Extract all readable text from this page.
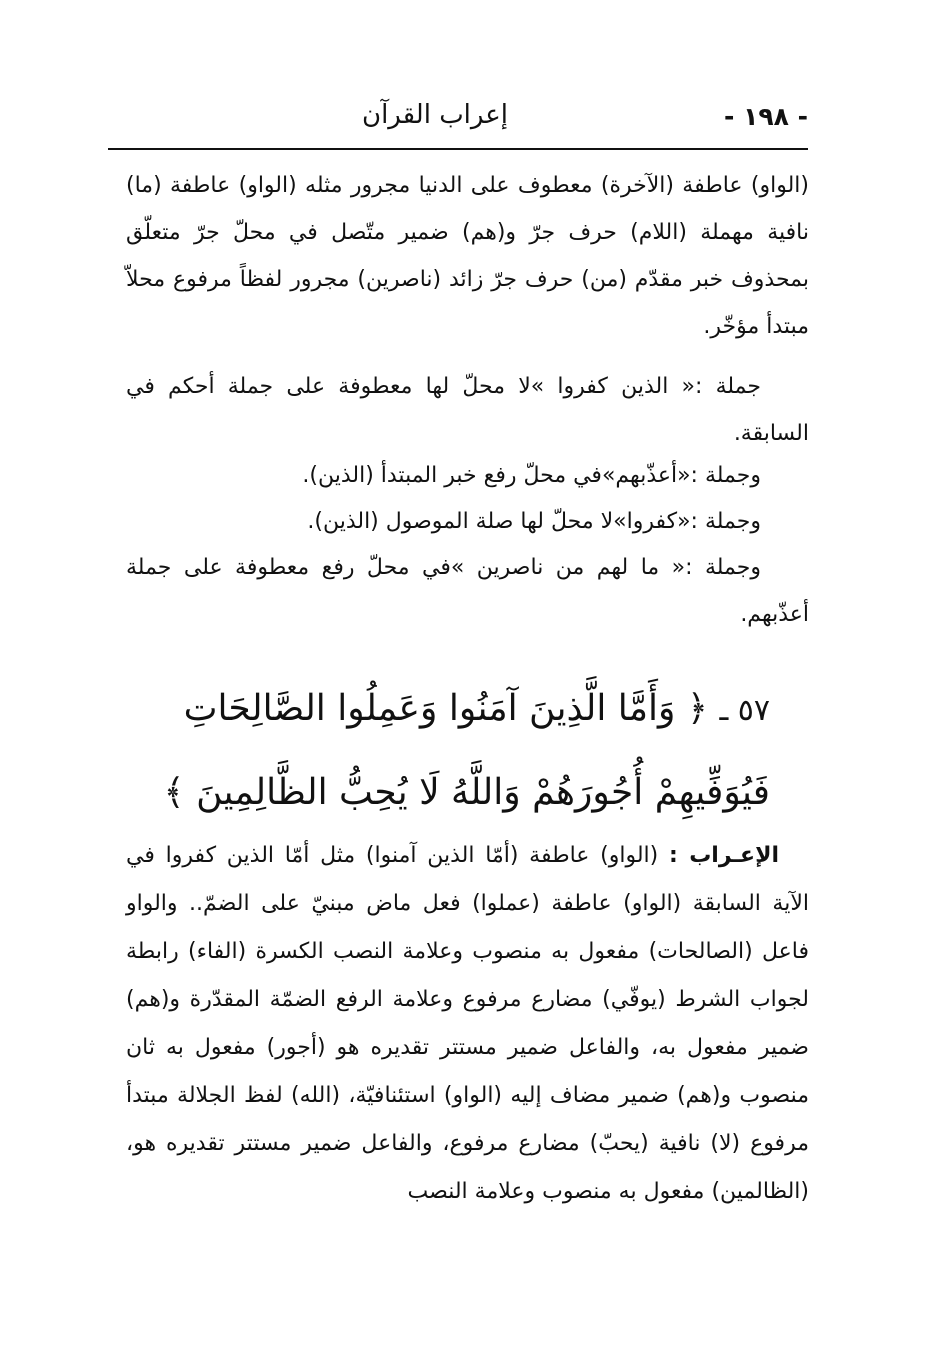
- ١٩٨ -
إعراب القرآن

(الواو) عاطفة (الآخرة) معطوف على الدنيا مجرور مثله (الواو) عاطفة (ما) نافية مهملة (اللام) حرف جرّ و(هم) ضمير متّصل في محلّ جرّ متعلّق بمحذوف خبر مقدّم (من) حرف جرّ زائد (ناصرين) مجرور لفظاً مرفوع محلاّ مبتدأ مؤخّر.

جملة :« الذين كفروا »لا محلّ لها معطوفة على جملة أحكم في السابقة.

وجملة :«أعذّبهم»في محلّ رفع خبر المبتدأ (الذين).

وجملة :«كفروا»لا محلّ لها صلة الموصول (الذين).

وجملة :« ما لهم من ناصرين »في محلّ رفع معطوفة على جملة أعذّبهم.

٥٧ ـ ﴿ وَأَمَّا الَّذِينَ آمَنُوا وَعَمِلُوا الصَّالِحَاتِ فَيُوَفِّيهِمْ أُجُورَهُمْ وَاللَّهُ لَا يُحِبُّ الظَّالِمِينَ ﴾

الإعـراب : (الواو) عاطفة (أمّا الذين آمنوا) مثل أمّا الذين كفروا في الآية السابقة (الواو) عاطفة (عملوا) فعل ماض مبنيّ على الضمّ.. والواو فاعل (الصالحات) مفعول به منصوب وعلامة النصب الكسرة (الفاء) رابطة لجواب الشرط (يوفّي) مضارع مرفوع وعلامة الرفع الضمّة المقدّرة و(هم) ضمير مفعول به، والفاعل ضمير مستتر تقديره هو (أجور) مفعول به ثان منصوب و(هم) ضمير مضاف إليه (الواو) استئنافيّة، (الله) لفظ الجلالة مبتدأ مرفوع (لا) نافية (يحبّ) مضارع مرفوع، والفاعل ضمير مستتر تقديره هو، (الظالمين) مفعول به منصوب وعلامة النصب
